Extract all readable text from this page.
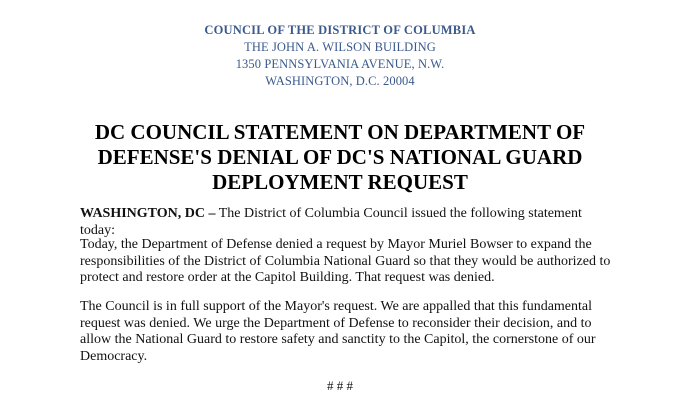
COUNCIL OF THE DISTRICT OF COLUMBIA
THE JOHN A. WILSON BUILDING
1350 PENNSYLVANIA AVENUE, N.W.
WASHINGTON, D.C. 20004
DC COUNCIL STATEMENT ON DEPARTMENT OF DEFENSE'S DENIAL OF DC'S NATIONAL GUARD DEPLOYMENT REQUEST

WASHINGTON, DC – The District of Columbia Council issued the following statement today:

Today, the Department of Defense denied a request by Mayor Muriel Bowser to expand the responsibilities of the District of Columbia National Guard so that they would be authorized to protect and restore order at the Capitol Building. That request was denied.

The Council is in full support of the Mayor's request. We are appalled that this fundamental request was denied. We urge the Department of Defense to reconsider their decision, and to allow the National Guard to restore safety and sanctity to the Capitol, the cornerstone of our Democracy.

# # #
